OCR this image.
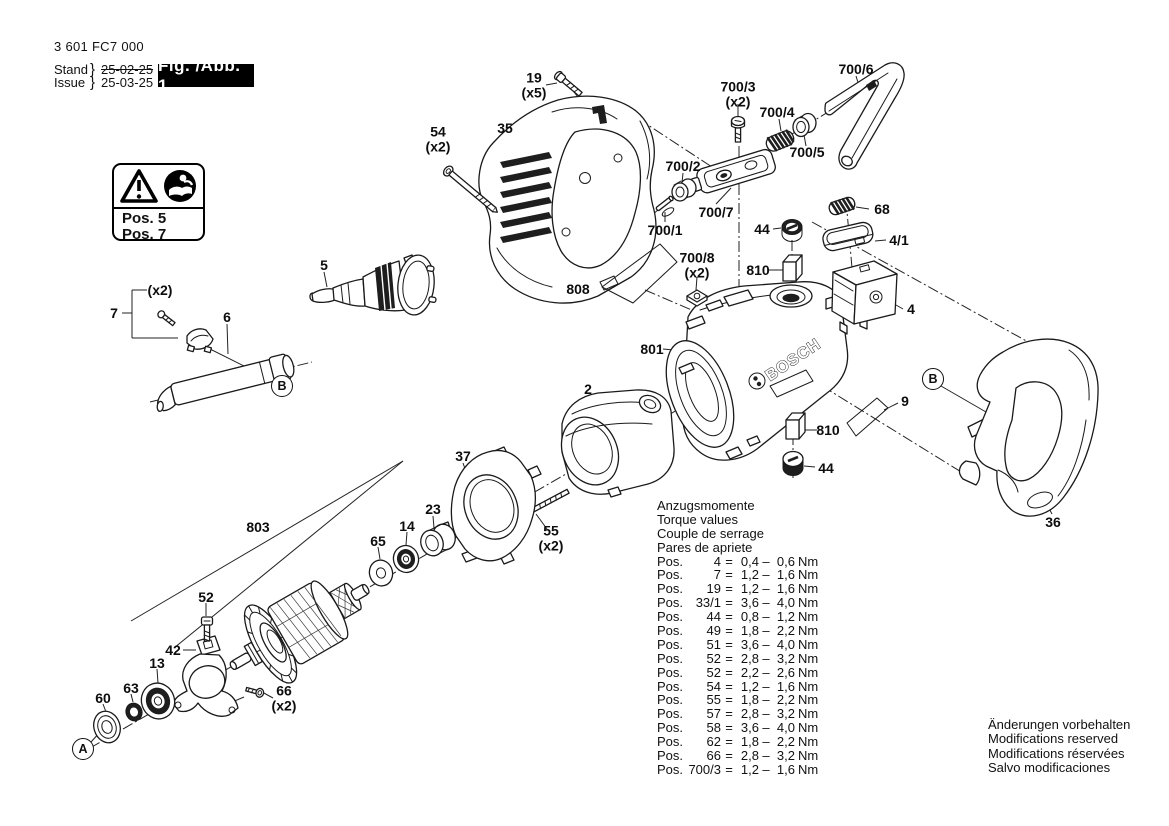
BOSCH
3 601 FC7 000
Stand } 25-02-25
Issue } 25-03-25
Fig. /Abb. 1
Pos. 5
Pos. 7
19
(x5)
54
(x2)
35
5
(x2)
7	6
700/3
(x2)
700/4
700/6
700/5
700/2
700/7
700/1
68
44
4/1
810
700/8
(x2)
808
801
4
9
810
44
36
2
37
23
14
65
55
(x2)
803
52
42
13
63
60	66
(x2)
A
B	B
Anzugsmomente
Torque values
Couple de serrage
Pares de apriete
Pos. 4 = 0,4 – 0,6 Nm
Pos. 7 = 1,2 – 1,6 Nm
Pos. 19 = 1,2 – 1,6 Nm
Pos. 33/1 = 3,6 – 4,0 Nm
Pos. 44 = 0,8 – 1,2 Nm
Pos. 49 = 1,8 – 2,2 Nm
Pos. 51 = 3,6 – 4,0 Nm
Pos. 52 = 2,8 – 3,2 Nm
Pos. 52 = 2,2 – 2,6 Nm
Pos. 54 = 1,2 – 1,6 Nm
Pos. 55 = 1,8 – 2,2 Nm
Pos. 57 = 2,8 – 3,2 Nm
Pos. 58 = 3,6 – 4,0 Nm
Pos. 62 = 1,8 – 2,2 Nm
Pos. 66 = 2,8 – 3,2 Nm
Pos. 700/3 = 1,2 – 1,6 Nm
Änderungen vorbehalten
Modifications reserved
Modifications réservées
Salvo modificaciones
